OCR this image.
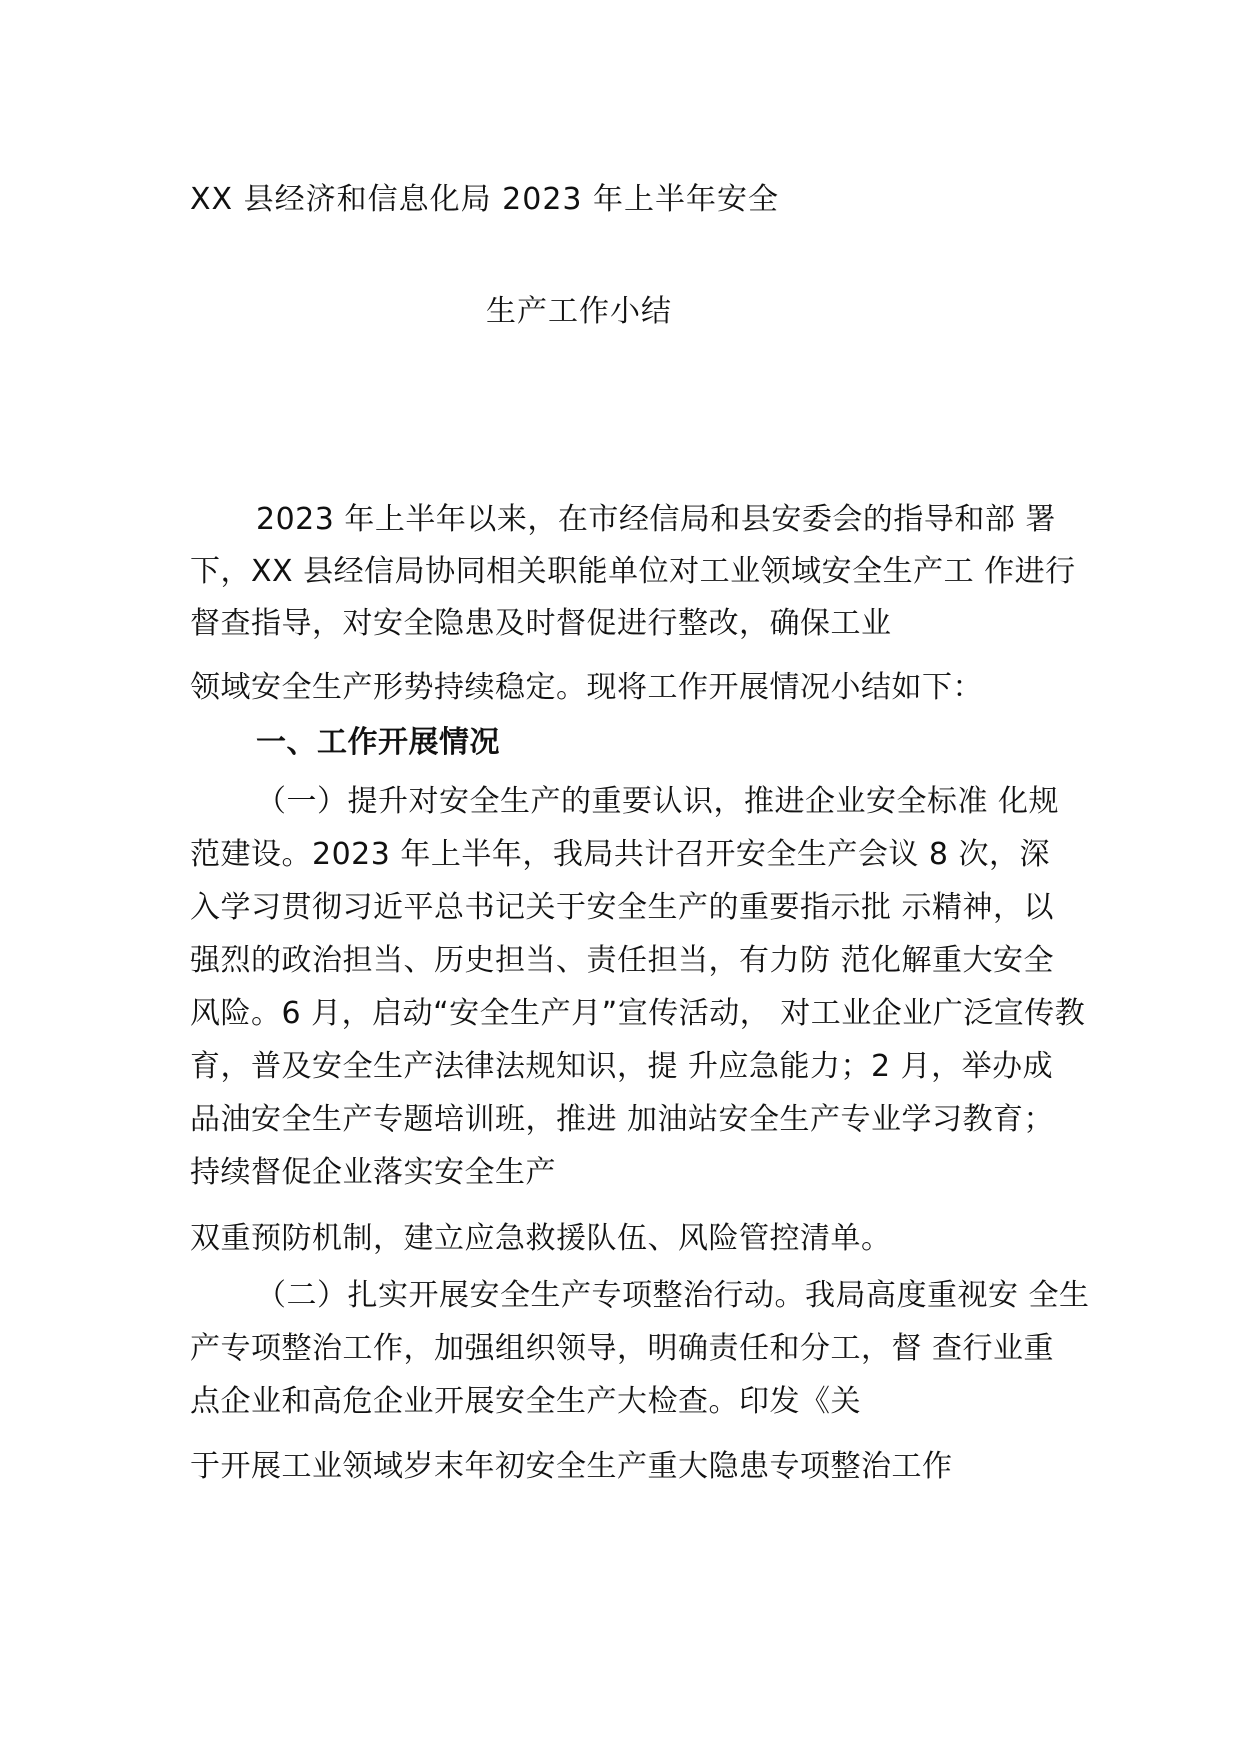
XX 县经济和信息化局 2023 年上半年安全
生产工作小结
2023 年上半年以来，在市经信局和县安委会的指导和部 署
下，XX 县经信局协同相关职能单位对工业领域安全生产工 作进行
督查指导，对安全隐患及时督促进行整改，确保工业
领域安全生产形势持续稳定。现将工作开展情况小结如下：
一、工作开展情况
（一）提升对安全生产的重要认识，推进企业安全标准 化规
范建设。2023 年上半年，我局共计召开安全生产会议 8 次，深
入学习贯彻习近平总书记关于安全生产的重要指示批 示精神，以
强烈的政治担当、历史担当、责任担当，有力防 范化解重大安全
风险。6 月，启动“安全生产月”宣传活动， 对工业企业广泛宣传教
育，普及安全生产法律法规知识，提 升应急能力；2 月，举办成
品油安全生产专题培训班，推进 加油站安全生产专业学习教育；
持续督促企业落实安全生产
双重预防机制，建立应急救援队伍、风险管控清单。
（二）扎实开展安全生产专项整治行动。我局高度重视安 全生
产专项整治工作，加强组织领导，明确责任和分工，督 查行业重
点企业和高危企业开展安全生产大检查。印发《关
于开展工业领域岁末年初安全生产重大隐患专项整治工作
